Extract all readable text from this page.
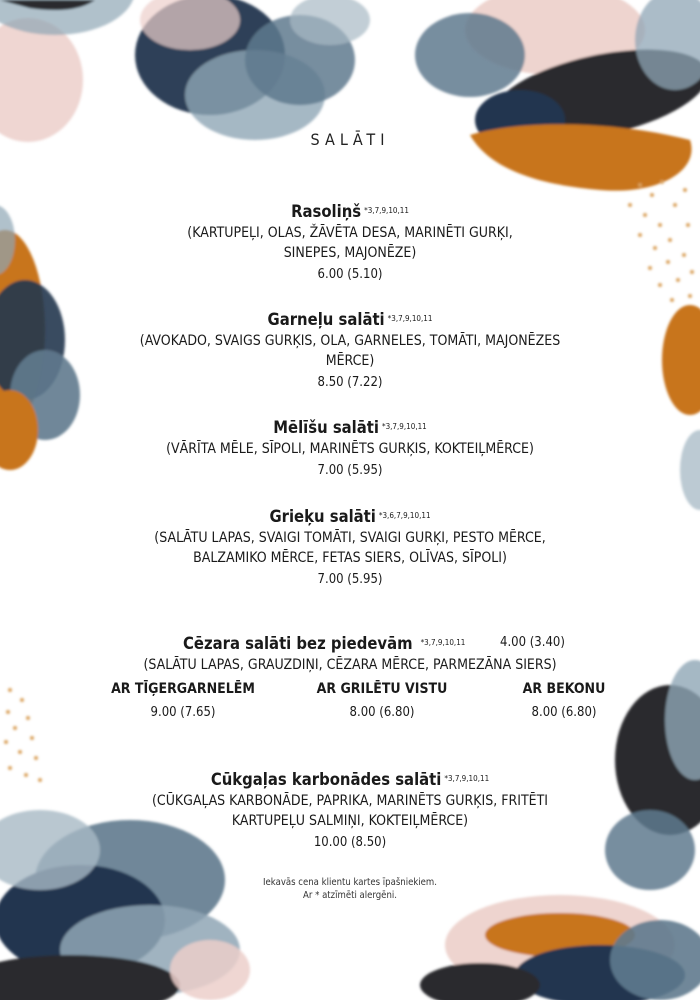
SALĀTI
Rasoliņš $^{*3,7,9,10,11}$
(KARTUPEĻI, OLAS, ŽĀVĒTA DESA, MARINĒTI GURĶI,
SINEPES, MAJONĒZE)
6.00 (5.10)
Garneļu salāti $^{*3,7,9,10,11}$
(AVOKADO, SVAIGS GURĶIS, OLA, GARNELES, TOMĀTI, MAJONĒZES
MĒRCE)
8.50 (7.22)
Mēlīšu salāti $^{*3,7,9,10,11}$
(VĀRĪTA MĒLE, SĪPOLI, MARINĒTS GURĶIS, KOKTEIĻMĒRCE)
7.00 (5.95)
Grieķu salāti $^{*3,6,7,9,10,11}$
(SALĀTU LAPAS, SVAIGI TOMĀTI, SVAIGI GURĶI, PESTO MĒRCE,
BALZAMIKO MĒRCE, FETAS SIERS, OLĪVAS, SĪPOLI)
7.00 (5.95)
Cēzara salāti bez piedevām $^{*3,7,9,10,11}$	4.00 (3.40)
(SALĀTU LAPAS, GRAUZDIŅI, CĒZARA MĒRCE, PARMEZĀNA SIERS)
AR TĪĢERGARNELĒM
9.00 (7.65)
AR GRILĒTU VISTU
8.00 (6.80)
AR BEKONU
8.00 (6.80)
Cūkgaļas karbonādes salāti $^{*3,7,9,10,11}$
(CŪKGAĻAS KARBONĀDE, PAPRIKA, MARINĒTS GURĶIS, FRITĒTI
KARTUPEĻU SALMIŅI, KOKTEIĻMĒRCE)
10.00 (8.50)
Iekavās cena klientu kartes īpašniekiem.
Ar * atzīmēti alergēni.
